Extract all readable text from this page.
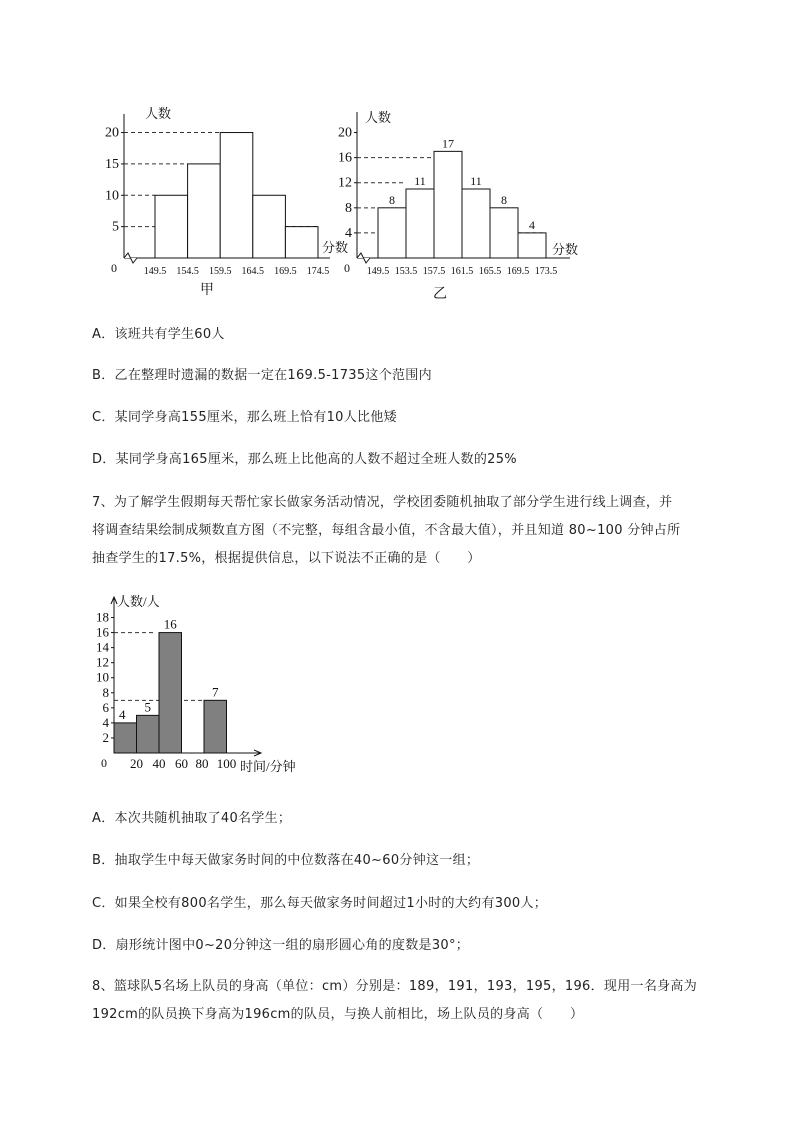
5
10
15
20
149.5 154.5 159.5 164.5 169.5 174.5
0
人数
分数
甲
4
8
12
16
20
8
11
17
11
8
4
149.5 153.5 157.5 161.5 165.5 169.5 173.5
0
人数
分数
乙
A．该班共有学生60人
B．乙在整理时遗漏的数据一定在169.5-1735这个范围内
C．某同学身高155厘米，那么班上恰有10人比他矮
D．某同学身高165厘米，那么班上比他高的人数不超过全班人数的25%

7、为了解学生假期每天帮忙家长做家务活动情况，学校团委随机抽取了部分学生进行线上调查，并

将调查结果绘制成频数直方图（不完整，每组含最小值，不含最大值），并且知道 80~100 分钟占所

抽查学生的17.5%，根据提供信息，以下说法不正确的是（　　）

2
4
6
8
10
12
14
16
18
4
5
16
7
20 40 60 80 100
0
人数/人
时间/分钟
A．本次共随机抽取了40名学生；
B．抽取学生中每天做家务时间的中位数落在40~60分钟这一组；
C．如果全校有800名学生，那么每天做家务时间超过1小时的大约有300人；
D．扇形统计图中0~20分钟这一组的扇形圆心角的度数是30°；

8、篮球队5名场上队员的身高（单位：cm）分别是：189，191，193，195，196．现用一名身高为

192cm的队员换下身高为196cm的队员，与换人前相比，场上队员的身高（　　）
